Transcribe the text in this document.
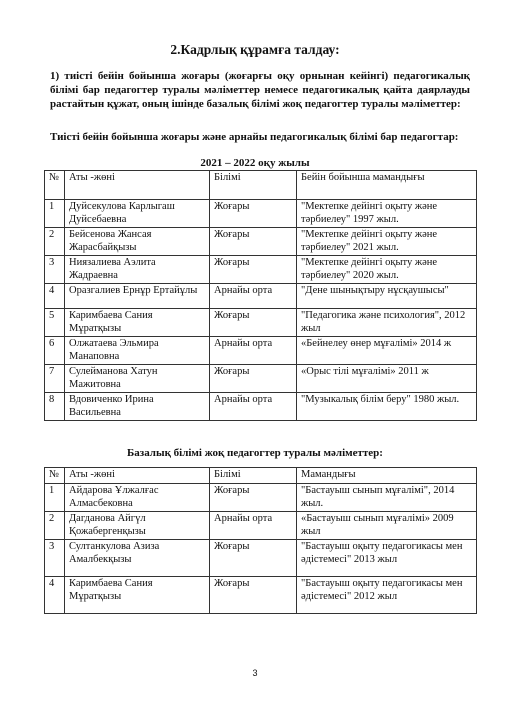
2.Кадрлық құрамға талдау:
1) тиісті бейін бойынша жоғары (жоғарғы оқу орнынан кейінгі) педагогикалық білімі бар педагогтер туралы мәліметтер немесе педагогикалық қайта даярлауды растайтын құжат, оның ішінде базалық білімі жоқ педагогтер туралы мәліметтер:
Тиісті бейін бойынша жоғары және арнайы педагогикалық білімі бар педагогтар:
2021 – 2022 оқу жылы
№	Аты -жөні	Білімі	Бейін бойынша мамандығы
1	Дуйсекулова Карлыгаш Дуйсебаевна	Жоғары	"Мектепке дейінгі оқыту және тәрбиелеу" 1997 жыл.
2	Бейсенова Жансая Жарасбайқызы	Жоғары	"Мектепке дейінгі оқыту және тәрбиелеу" 2021 жыл.
3	Ниязалиева Аэлита Жадраевна	Жоғары	"Мектепке дейінгі оқыту және тәрбиелеу" 2020 жыл.
4	Оразгалиев Ернұр Ертайұлы	Арнайы орта	"Дене шынықтыру нұсқаушысы"
5	Каримбаева Сания Мұратқызы	Жоғары	"Педагогика және психология", 2012 жыл
6	Олжатаева Эльмира Манаповна	Арнайы орта	«Бейнелеу өнер мұғалімі» 2014 ж
7	Сулейманова Хатун Мажитовна	Жоғары	«Орыс тілі мұғалімі» 2011 ж
8	Вдовиченко Ирина Васильевна	Арнайы орта	"Музыкалық білім беру" 1980 жыл.
Базалық білімі жоқ педагогтер туралы мәліметтер:
№	Аты -жөні	Білімі	Мамандығы
1	Айдарова Ұлжалғас Алмасбековна	Жоғары	"Бастауыш сынып мұғалімі", 2014 жыл.
2	Дагданова Айгүл Қожабергенқызы	Арнайы орта	«Бастауыш сынып мұғалімі» 2009 жыл
3	Султанкулова Азиза Амалбекқызы	Жоғары	"Бастауыш оқыту педагогикасы мен әдістемесі" 2013 жыл
4	Каримбаева Сания Мұратқызы	Жоғары	"Бастауыш оқыту педагогикасы мен әдістемесі" 2012 жыл
3
